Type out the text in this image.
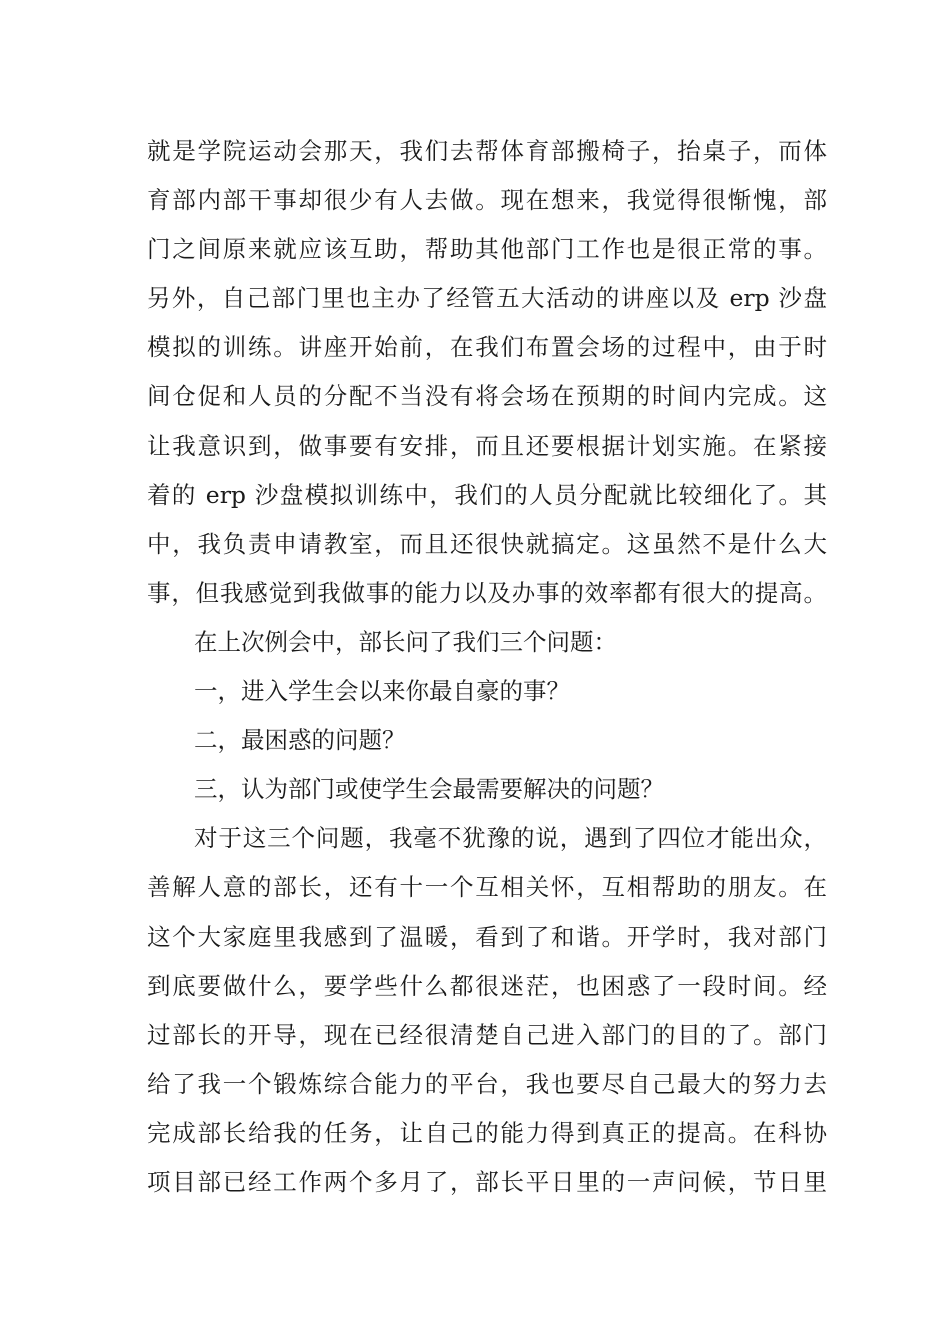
就是学院运动会那天，我们去帮体育部搬椅子，抬桌子，而体
育部内部干事却很少有人去做。现在想来，我觉得很惭愧，部
门之间原来就应该互助，帮助其他部门工作也是很正常的事。
另外，自己部门里也主办了经管五大活动的讲座以及 erp 沙盘
模拟的训练。讲座开始前，在我们布置会场的过程中，由于时
间仓促和人员的分配不当没有将会场在预期的时间内完成。这
让我意识到，做事要有安排，而且还要根据计划实施。在紧接
着的 erp 沙盘模拟训练中，我们的人员分配就比较细化了。其
中，我负责申请教室，而且还很快就搞定。这虽然不是什么大
事，但我感觉到我做事的能力以及办事的效率都有很大的提高。
在上次例会中，部长问了我们三个问题：
一，进入学生会以来你最自豪的事？
二，最困惑的问题？
三，认为部门或使学生会最需要解决的问题？
对于这三个问题，我毫不犹豫的说，遇到了四位才能出众，
善解人意的部长，还有十一个互相关怀，互相帮助的朋友。在
这个大家庭里我感到了温暖，看到了和谐。开学时，我对部门
到底要做什么，要学些什么都很迷茫，也困惑了一段时间。经
过部长的开导，现在已经很清楚自己进入部门的目的了。部门
给了我一个锻炼综合能力的平台，我也要尽自己最大的努力去
完成部长给我的任务，让自己的能力得到真正的提高。在科协
项目部已经工作两个多月了，部长平日里的一声问候，节日里
